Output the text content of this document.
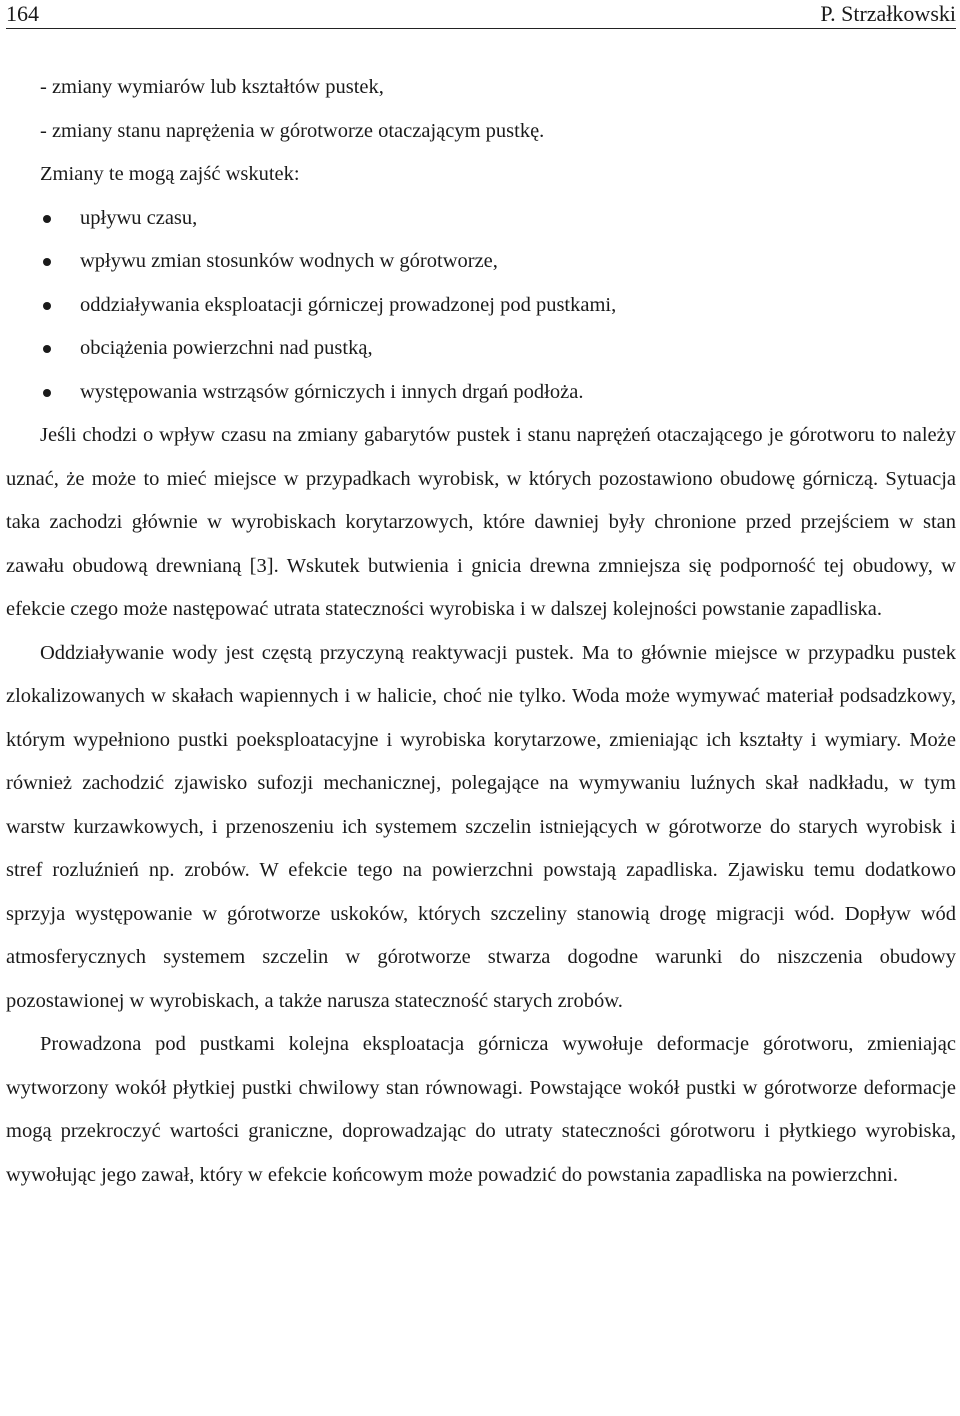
164	P. Strzałkowski

- zmiany wymiarów lub kształtów pustek,

- zmiany stanu naprężenia w górotworze otaczającym pustkę.

Zmiany te mogą zajść wskutek:

upływu czasu,
wpływu zmian stosunków wodnych w górotworze,
oddziaływania eksploatacji górniczej prowadzonej pod pustkami,
obciążenia powierzchni nad pustką,
występowania wstrząsów górniczych i innych drgań podłoża.

Jeśli chodzi o wpływ czasu na zmiany gabarytów pustek i stanu naprężeń otaczającego je górotworu to należy uznać, że może to mieć miejsce w przypadkach wyrobisk, w których pozostawiono obudowę górniczą. Sytuacja taka zachodzi głównie w wyrobiskach korytarzowych, które dawniej były chronione przed przejściem w stan zawału obudową drewnianą [3]. Wskutek butwienia i gnicia drewna zmniejsza się podporność tej obudowy, w efekcie czego może następować utrata stateczności wyrobiska i w dalszej kolejności powstanie zapadliska.

Oddziaływanie wody jest częstą przyczyną reaktywacji pustek. Ma to głównie miejsce w przypadku pustek zlokalizowanych w skałach wapiennych i w halicie, choć nie tylko. Woda może wymywać materiał podsadzkowy, którym wypełniono pustki poeksploatacyjne i wyrobiska korytarzowe, zmieniając ich kształty i wymiary. Może również zachodzić zjawisko sufozji mechanicznej, polegające na wymywaniu luźnych skał nadkładu, w tym warstw kurzawkowych, i przenoszeniu ich systemem szczelin istniejących w górotworze do starych wyrobisk i stref rozluźnień np. zrobów. W efekcie tego na powierzchni powstają zapadliska. Zjawisku temu dodatkowo sprzyja występowanie w górotworze uskoków, których szczeliny stanowią drogę migracji wód. Dopływ wód atmosferycznych systemem szczelin w górotworze stwarza dogodne warunki do niszczenia obudowy pozostawionej w wyrobiskach, a także narusza stateczność starych zrobów.

Prowadzona pod pustkami kolejna eksploatacja górnicza wywołuje deformacje górotworu, zmieniając wytworzony wokół płytkiej pustki chwilowy stan równowagi. Powstające wokół pustki w górotworze deformacje mogą przekroczyć wartości graniczne, doprowadzając do utraty stateczności górotworu i płytkiego wyrobiska, wywołując jego zawał, który w efekcie końcowym może powadzić do powstania zapadliska na powierzchni.
